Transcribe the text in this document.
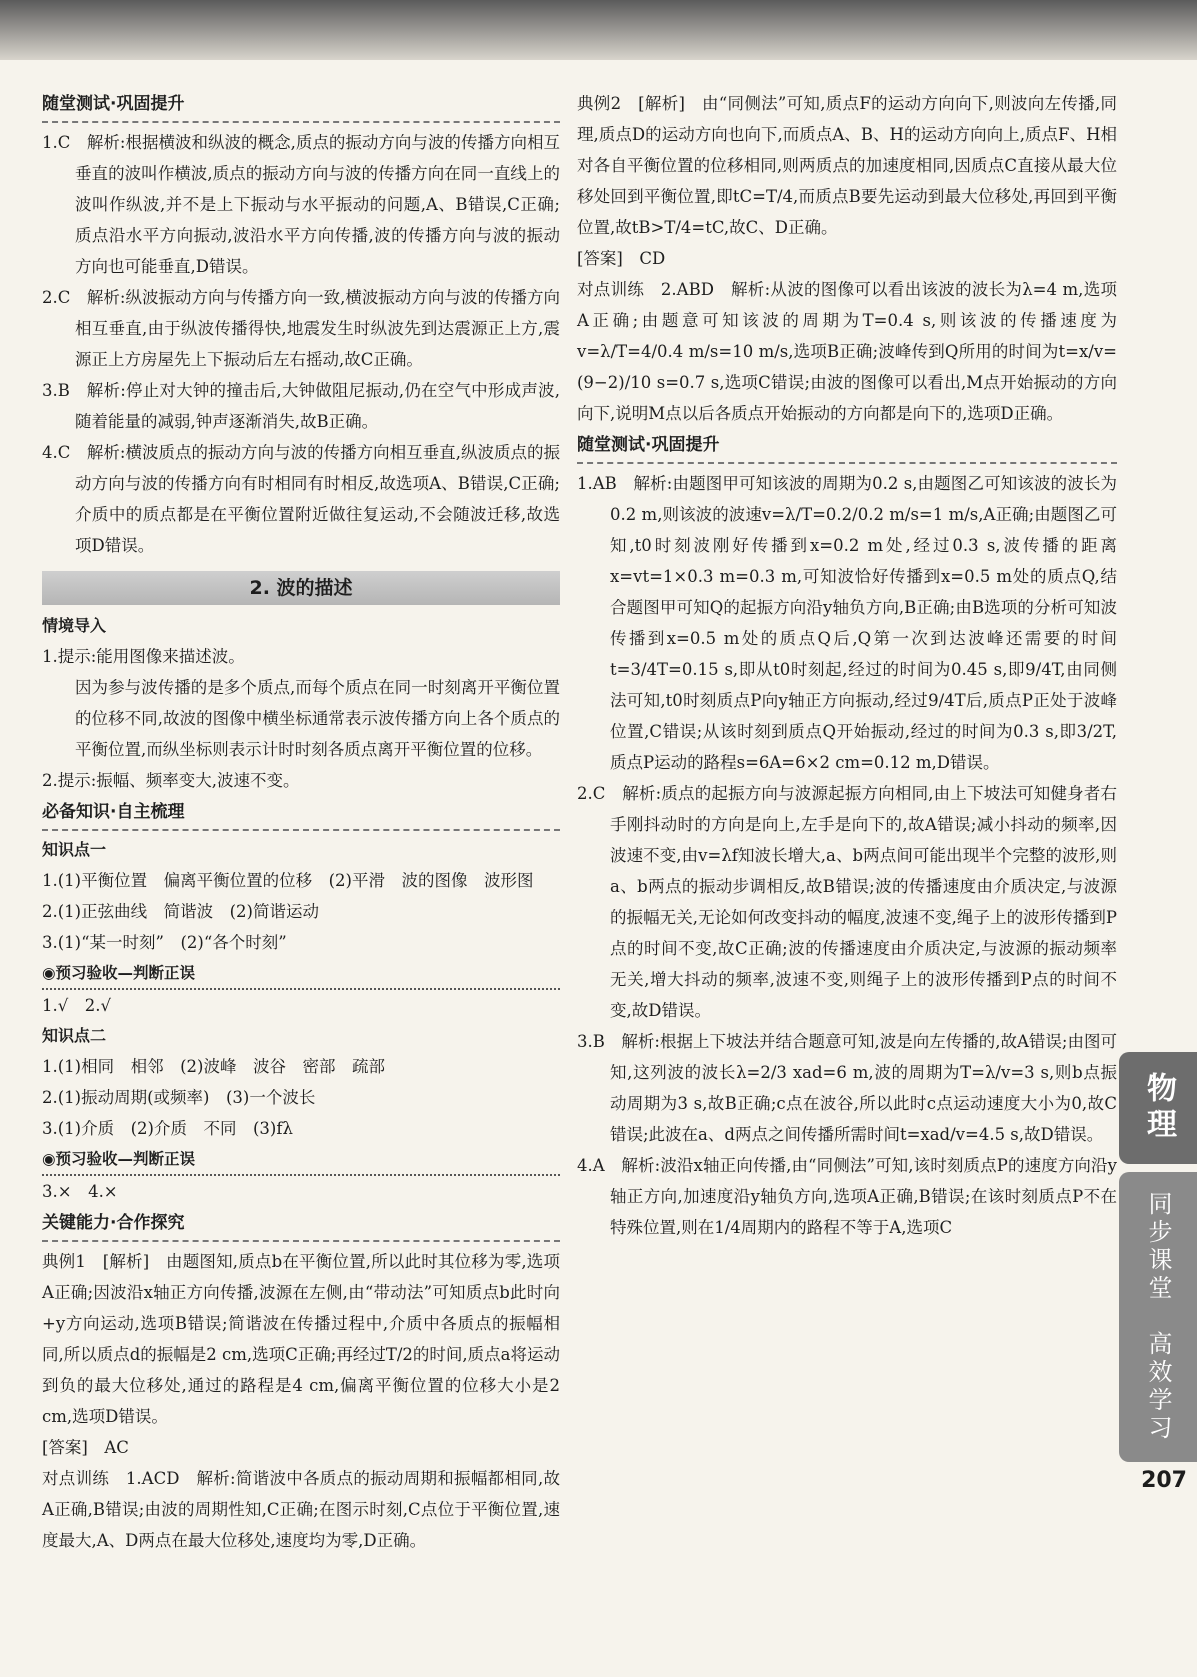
随堂测试·巩固提升
1.C　解析:根据横波和纵波的概念,质点的振动方向与波的传播方向相互垂直的波叫作横波,质点的振动方向与波的传播方向在同一直线上的波叫作纵波,并不是上下振动与水平振动的问题,A、B错误,C正确;质点沿水平方向振动,波沿水平方向传播,波的传播方向与波的振动方向也可能垂直,D错误。
2.C　解析:纵波振动方向与传播方向一致,横波振动方向与波的传播方向相互垂直,由于纵波传播得快,地震发生时纵波先到达震源正上方,震源正上方房屋先上下振动后左右摇动,故C正确。
3.B　解析:停止对大钟的撞击后,大钟做阻尼振动,仍在空气中形成声波,随着能量的减弱,钟声逐渐消失,故B正确。
4.C　解析:横波质点的振动方向与波的传播方向相互垂直,纵波质点的振动方向与波的传播方向有时相同有时相反,故选项A、B错误,C正确;介质中的质点都是在平衡位置附近做往复运动,不会随波迁移,故选项D错误。
2. 波的描述
情境导入
1.提示:能用图像来描述波。
因为参与波传播的是多个质点,而每个质点在同一时刻离开平衡位置的位移不同,故波的图像中横坐标通常表示波传播方向上各个质点的平衡位置,而纵坐标则表示计时时刻各质点离开平衡位置的位移。
2.提示:振幅、频率变大,波速不变。
必备知识·自主梳理
知识点一
1.(1)平衡位置　偏离平衡位置的位移　(2)平滑　波的图像　波形图
2.(1)正弦曲线　简谐波　(2)简谐运动
3.(1)“某一时刻”　(2)“各个时刻”
◉预习验收—判断正误
1.√　2.√
知识点二
1.(1)相同　相邻　(2)波峰　波谷　密部　疏部
2.(1)振动周期(或频率)　(3)一个波长
3.(1)介质　(2)介质　不同　(3)fλ
◉预习验收—判断正误
3.×　4.×
关键能力·合作探究
典例1　[解析]　由题图知,质点b在平衡位置,所以此时其位移为零,选项A正确;因波沿x轴正方向传播,波源在左侧,由“带动法”可知质点b此时向+y方向运动,选项B错误;简谐波在传播过程中,介质中各质点的振幅相同,所以质点d的振幅是2 cm,选项C正确;再经过T/2的时间,质点a将运动到负的最大位移处,通过的路程是4 cm,偏离平衡位置的位移大小是2 cm,选项D错误。
[答案]　AC
对点训练　1.ACD　解析:简谐波中各质点的振动周期和振幅都相同,故A正确,B错误;由波的周期性知,C正确;在图示时刻,C点位于平衡位置,速度最大,A、D两点在最大位移处,速度均为零,D正确。
典例2　[解析]　由“同侧法”可知,质点F的运动方向向下,则波向左传播,同理,质点D的运动方向也向下,而质点A、B、H的运动方向向上,质点F、H相对各自平衡位置的位移相同,则两质点的加速度相同,因质点C直接从最大位移处回到平衡位置,即tC=T/4,而质点B要先运动到最大位移处,再回到平衡位置,故tB>T/4=tC,故C、D正确。
[答案]　CD
对点训练　2.ABD　解析:从波的图像可以看出该波的波长为λ=4 m,选项A正确;由题意可知该波的周期为T=0.4 s,则该波的传播速度为v=λ/T=4/0.4 m/s=10 m/s,选项B正确;波峰传到Q所用的时间为t=x/v=(9−2)/10 s=0.7 s,选项C错误;由波的图像可以看出,M点开始振动的方向向下,说明M点以后各质点开始振动的方向都是向下的,选项D正确。
随堂测试·巩固提升
1.AB　解析:由题图甲可知该波的周期为0.2 s,由题图乙可知该波的波长为0.2 m,则该波的波速v=λ/T=0.2/0.2 m/s=1 m/s,A正确;由题图乙可知,t0时刻波刚好传播到x=0.2 m处,经过0.3 s,波传播的距离x=vt=1×0.3 m=0.3 m,可知波恰好传播到x=0.5 m处的质点Q,结合题图甲可知Q的起振方向沿y轴负方向,B正确;由B选项的分析可知波传播到x=0.5 m处的质点Q后,Q第一次到达波峰还需要的时间t=3/4T=0.15 s,即从t0时刻起,经过的时间为0.45 s,即9/4T,由同侧法可知,t0时刻质点P向y轴正方向振动,经过9/4T后,质点P正处于波峰位置,C错误;从该时刻到质点Q开始振动,经过的时间为0.3 s,即3/2T,质点P运动的路程s=6A=6×2 cm=0.12 m,D错误。
2.C　解析:质点的起振方向与波源起振方向相同,由上下坡法可知健身者右手刚抖动时的方向是向上,左手是向下的,故A错误;减小抖动的频率,因波速不变,由v=λf知波长增大,a、b两点间可能出现半个完整的波形,则a、b两点的振动步调相反,故B错误;波的传播速度由介质决定,与波源的振幅无关,无论如何改变抖动的幅度,波速不变,绳子上的波形传播到P点的时间不变,故C正确;波的传播速度由介质决定,与波源的振动频率无关,增大抖动的频率,波速不变,则绳子上的波形传播到P点的时间不变,故D错误。
3.B　解析:根据上下坡法并结合题意可知,波是向左传播的,故A错误;由图可知,这列波的波长λ=2/3 xad=6 m,波的周期为T=λ/v=3 s,则b点振动周期为3 s,故B正确;c点在波谷,所以此时c点运动速度大小为0,故C错误;此波在a、d两点之间传播所需时间t=xad/v=4.5 s,故D错误。
4.A　解析:波沿x轴正向传播,由“同侧法”可知,该时刻质点P的速度方向沿y轴正方向,加速度沿y轴负方向,选项A正确,B错误;在该时刻质点P不在特殊位置,则在1/4周期内的路程不等于A,选项C
物理
同步课堂　高效学习
207
